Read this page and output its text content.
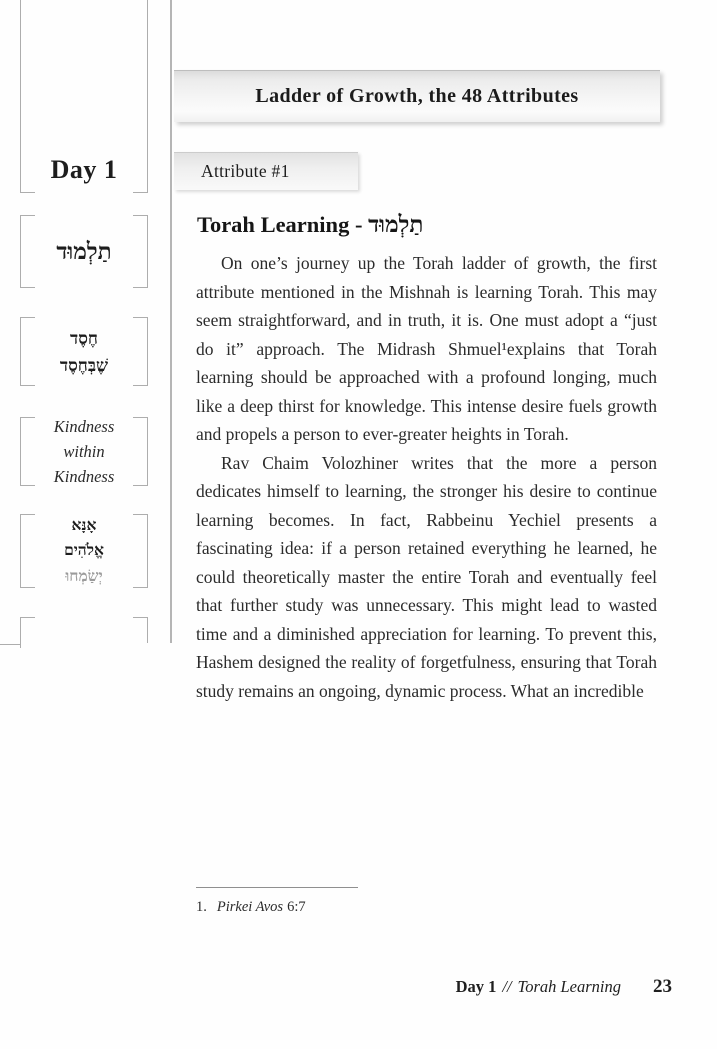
Day 1
תַלְמוּד
חֶסֶד
שֶׁבְּחֶסֶד
Kindness
within
Kindness
אָנָּא
אֱלֹהִים
יְשַׂמְחוּ
Ladder of Growth, the 48 Attributes
Attribute #1
Torah Learning - תַלְמוּד

On one’s journey up the Torah ladder of growth, the first attribute mentioned in the Mishnah is learning Torah. This may seem straightforward, and in truth, it is. One must adopt a “just do it” approach. The Midrash Shmuel¹explains that Torah learning should be approached with a profound longing, much like a deep thirst for knowledge. This intense desire fuels growth and propels a person to ever-greater heights in Torah.

Rav Chaim Volozhiner writes that the more a person dedicates himself to learning, the stronger his desire to continue learning becomes. In fact, Rabbeinu Yechiel presents a fascinating idea: if a person retained everything he learned, he could theoretically master the entire Torah and eventually feel that further study was unnecessary. This might lead to wasted time and a diminished appreciation for learning. To prevent this, Hashem designed the reality of forgetfulness, ensuring that Torah study remains an ongoing, dynamic process. What an incredible

1. Pirkei Avos 6:7
Day 1 // Torah Learning 23
